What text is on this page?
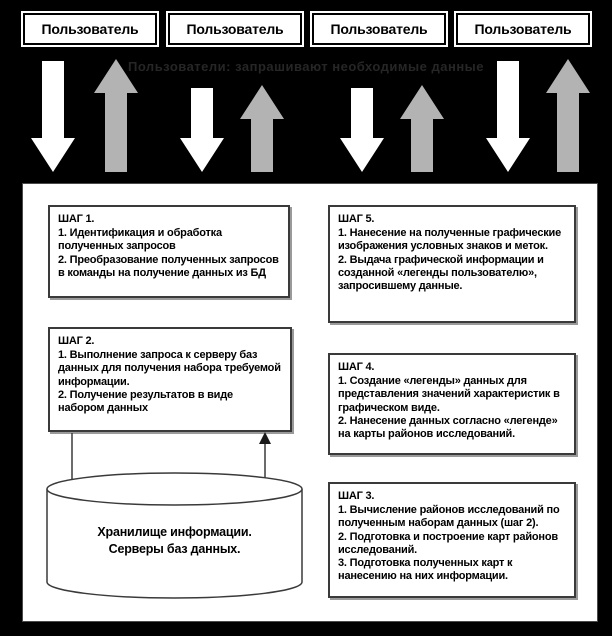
Пользователь	Пользователь	Пользователь	Пользователь
Пользователи: запрашивают необходимые данные
ШАГ 1.
1. Идентификация и обработка полученных запросов
2. Преобразование полученных запросов в команды на получение данных из БД
ШАГ 2.
1. Выполнение запроса к серверу баз данных для получения набора требуемой информации.
2. Получение результатов в виде набором данных
ШАГ 5.
1. Нанесение на полученные графические изображения условных знаков и меток.
2. Выдача графической информации и созданной «легенды пользователю», запросившему данные.
ШАГ 4.
1. Создание «легенды» данных для представления значений характеристик в графическом виде.
2. Нанесение данных согласно «легенде» на карты районов исследований.
ШАГ 3.
1. Вычисление районов исследований по полученным наборам данных (шаг 2).
2. Подготовка и построение карт районов исследований.
3. Подготовка полученных карт к нанесению на них информации.
Хранилище информации.
Серверы баз данных.
